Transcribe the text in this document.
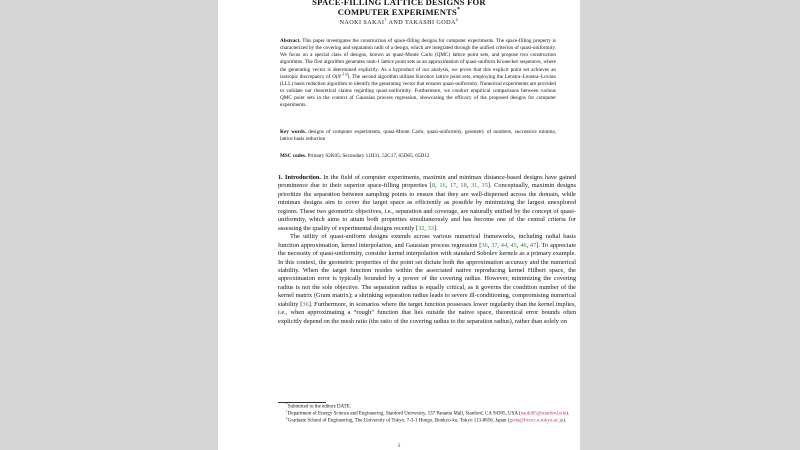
SPACE-FILLING LATTICE DESIGNS FOR
COMPUTER EXPERIMENTS*
NAOKI SAKAI† AND TAKASHI GODA‡
Abstract. This paper investigates the construction of space-filling designs for computer experiments. The space-filling property is characterized by the covering and separation radii of a design, which are integrated through the unified criterion of quasi-uniformity. We focus on a special class of designs, known as quasi-Monte Carlo (QMC) lattice point sets, and propose two construction algorithms. The first algorithm generates rank-1 lattice point sets as an approximation of quasi-uniform Kronecker sequences, where the generating vector is determined explicitly. As a byproduct of our analysis, we prove that this explicit point set achieves an isotropic discrepancy of $O(N^{-1/d})$. The second algorithm utilizes Korobov lattice point sets, employing the Lenstra–Lenstra–Lovász (LLL) basis reduction algorithm to identify the generating vector that ensures quasi-uniformity. Numerical experiments are provided to validate our theoretical claims regarding quasi-uniformity. Furthermore, we conduct empirical comparisons between various QMC point sets in the context of Gaussian process regression, showcasing the efficacy of the proposed designs for computer experiments.
Key words. designs of computer experiments, quasi-Monte Carlo, quasi-uniformity, geometry of numbers, successive minima, lattice basis reduction
MSC codes. Primary 62K05; Secondary 11H31, 52C17, 65D05, 65D12

1. Introduction. In the field of computer experiments, maximin and minimax distance-based designs have gained prominence due to their superior space-filling properties [8, 16, 17, 18, 31, 35]. Conceptually, maximin designs prioritize the separation between sampling points to ensure that they are well-dispersed across the domain, while minimax designs aim to cover the target space as efficiently as possible by minimizing the largest unexplored regions. These two geometric objectives, i.e., separation and coverage, are naturally unified by the concept of quasi-uniformity, which aims to attain both properties simultaneously and has become one of the central criteria for assessing the quality of experimental designs recently [32, 33].

The utility of quasi-uniform designs extends across various numerical frameworks, including radial basis function approximation, kernel interpolation, and Gaussian process regression [36, 37, 44, 45, 46, 47]. To appreciate the necessity of quasi-uniformity, consider kernel interpolation with standard Sobolev kernels as a primary example. In this context, the geometric properties of the point set dictate both the approximation accuracy and the numerical stability. When the target function resides within the associated native reproducing kernel Hilbert space, the approximation error is typically bounded by a power of the covering radius. However, minimizing the covering radius is not the sole objective. The separation radius is equally critical, as it governs the condition number of the kernel matrix (Gram matrix); a shrinking separation radius leads to severe ill-conditioning, compromising numerical stability [36]. Furthermore, in scenarios where the target function possesses lower regularity than the kernel implies, i.e., when approximating a “rough” function that lies outside the native space, theoretical error bounds often explicitly depend on the mesh ratio (the ratio of the covering radius to the separation radius), rather than solely on

*Submitted to the editors DATE.
†Department of Energy Science and Engineering, Stanford University, 537 Panama Mall, Stanford, CA 94305, USA (naoki65@stanford.edu).
‡Graduate School of Engineering, The University of Tokyo, 7-3-1 Hongo, Bunkyo-ku, Tokyo 113-8656, Japan (goda@frcer.t.u-tokyo.ac.jp).
1
